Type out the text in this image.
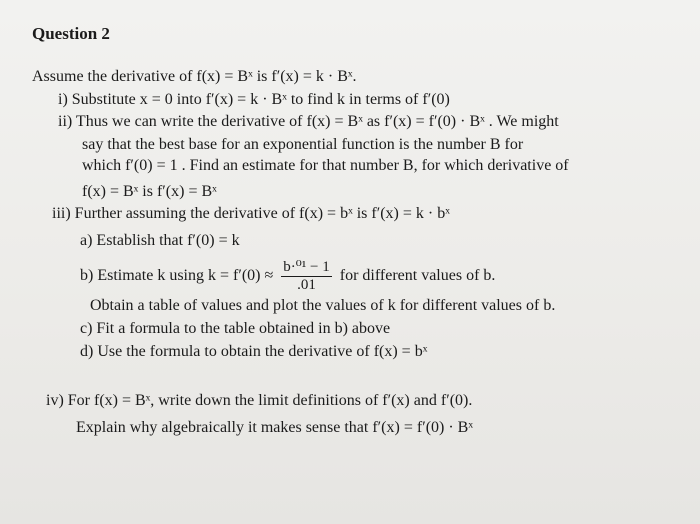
Question 2
Assume the derivative of f(x) = Bˣ is f′(x) = k · Bˣ.
i) Substitute x = 0 into f′(x) = k · Bˣ to find k in terms of f′(0)
ii) Thus we can write the derivative of f(x) = Bˣ as f′(x) = f′(0) · Bˣ . We might
say that the best base for an exponential function is the number B for
which f′(0) = 1 . Find an estimate for that number B, for which derivative of
f(x) = Bˣ is f′(x) = Bˣ
iii) Further assuming the derivative of f(x) = bˣ is f′(x) = k · bˣ
a) Establish that f′(0) = k
b) Estimate k using $k = f'(0) \approx \frac{\text{b·⁰¹ − 1}}{.01}$ for different values of b.
Obtain a table of values and plot the values of k for different values of b.
c) Fit a formula to the table obtained in b) above
d) Use the formula to obtain the derivative of f(x) = bˣ
iv) For f(x) = Bˣ, write down the limit definitions of f′(x) and f′(0).
Explain why algebraically it makes sense that f′(x) = f′(0) · Bˣ
